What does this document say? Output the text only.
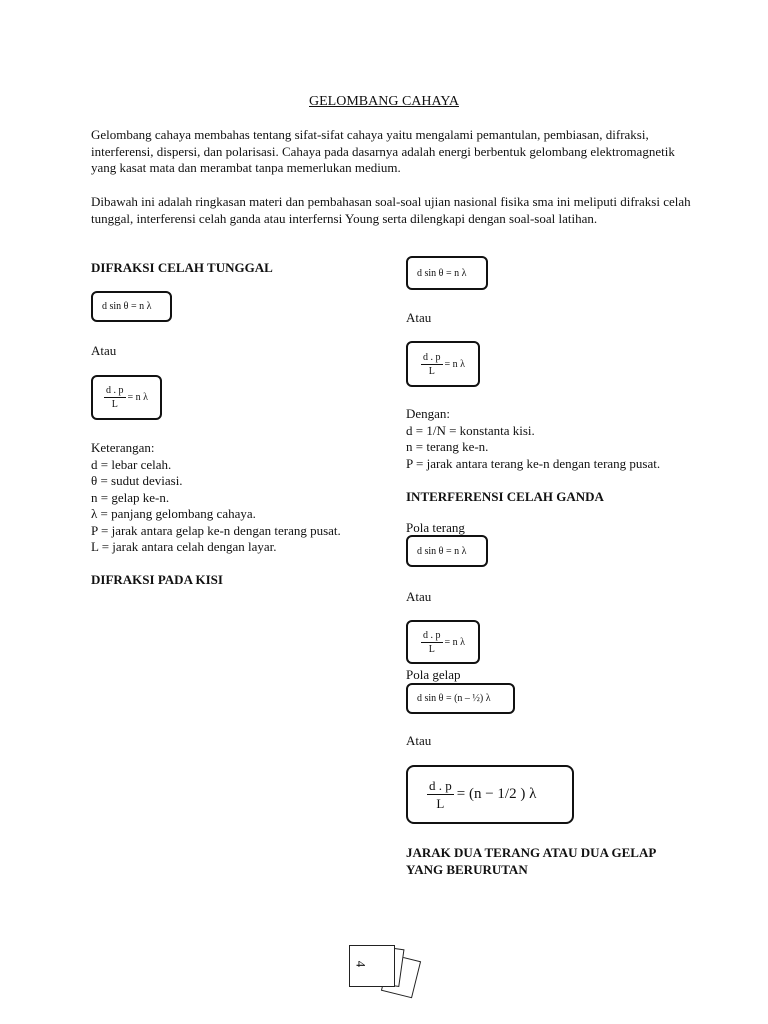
GELOMBANG CAHAYA
Gelombang cahaya membahas tentang sifat-sifat cahaya yaitu mengalami pemantulan, pembiasan, difraksi, interferensi, dispersi, dan polarisasi. Cahaya pada dasarnya adalah energi berbentuk gelombang elektromagnetik yang kasat mata dan merambat tanpa memerlukan medium.
Dibawah ini adalah ringkasan materi dan pembahasan soal-soal ujian nasional fisika sma ini meliputi difraksi celah tunggal, interferensi celah ganda atau interfernsi Young serta dilengkapi dengan soal-soal latihan.
DIFRAKSI CELAH TUNGGAL
d sin θ = n λ
Atau
$\frac{d . p}{L} = n$ λ
Keterangan:
d = lebar celah.
θ = sudut deviasi.
n = gelap ke-n.
λ = panjang gelombang cahaya.
P = jarak antara gelap ke-n dengan terang pusat.
L = jarak antara celah dengan layar.
DIFRAKSI PADA KISI
d sin θ = n λ
Atau
$\frac{d . p}{L} = n$ λ
Dengan:
d = 1/N = konstanta kisi.
n = terang ke-n.
P = jarak antara terang ke-n dengan terang pusat.
INTERFERENSI CELAH GANDA
Pola terang
d sin θ = n λ
Atau
$\frac{d . p}{L} = n$ λ
Pola gelap
d sin θ = (n – ½) λ
Atau
$\frac{d . p}{L} = (n - 1/2$ ) λ
JARAK DUA TERANG ATAU DUA GELAP
YANG BERURUTAN
4
